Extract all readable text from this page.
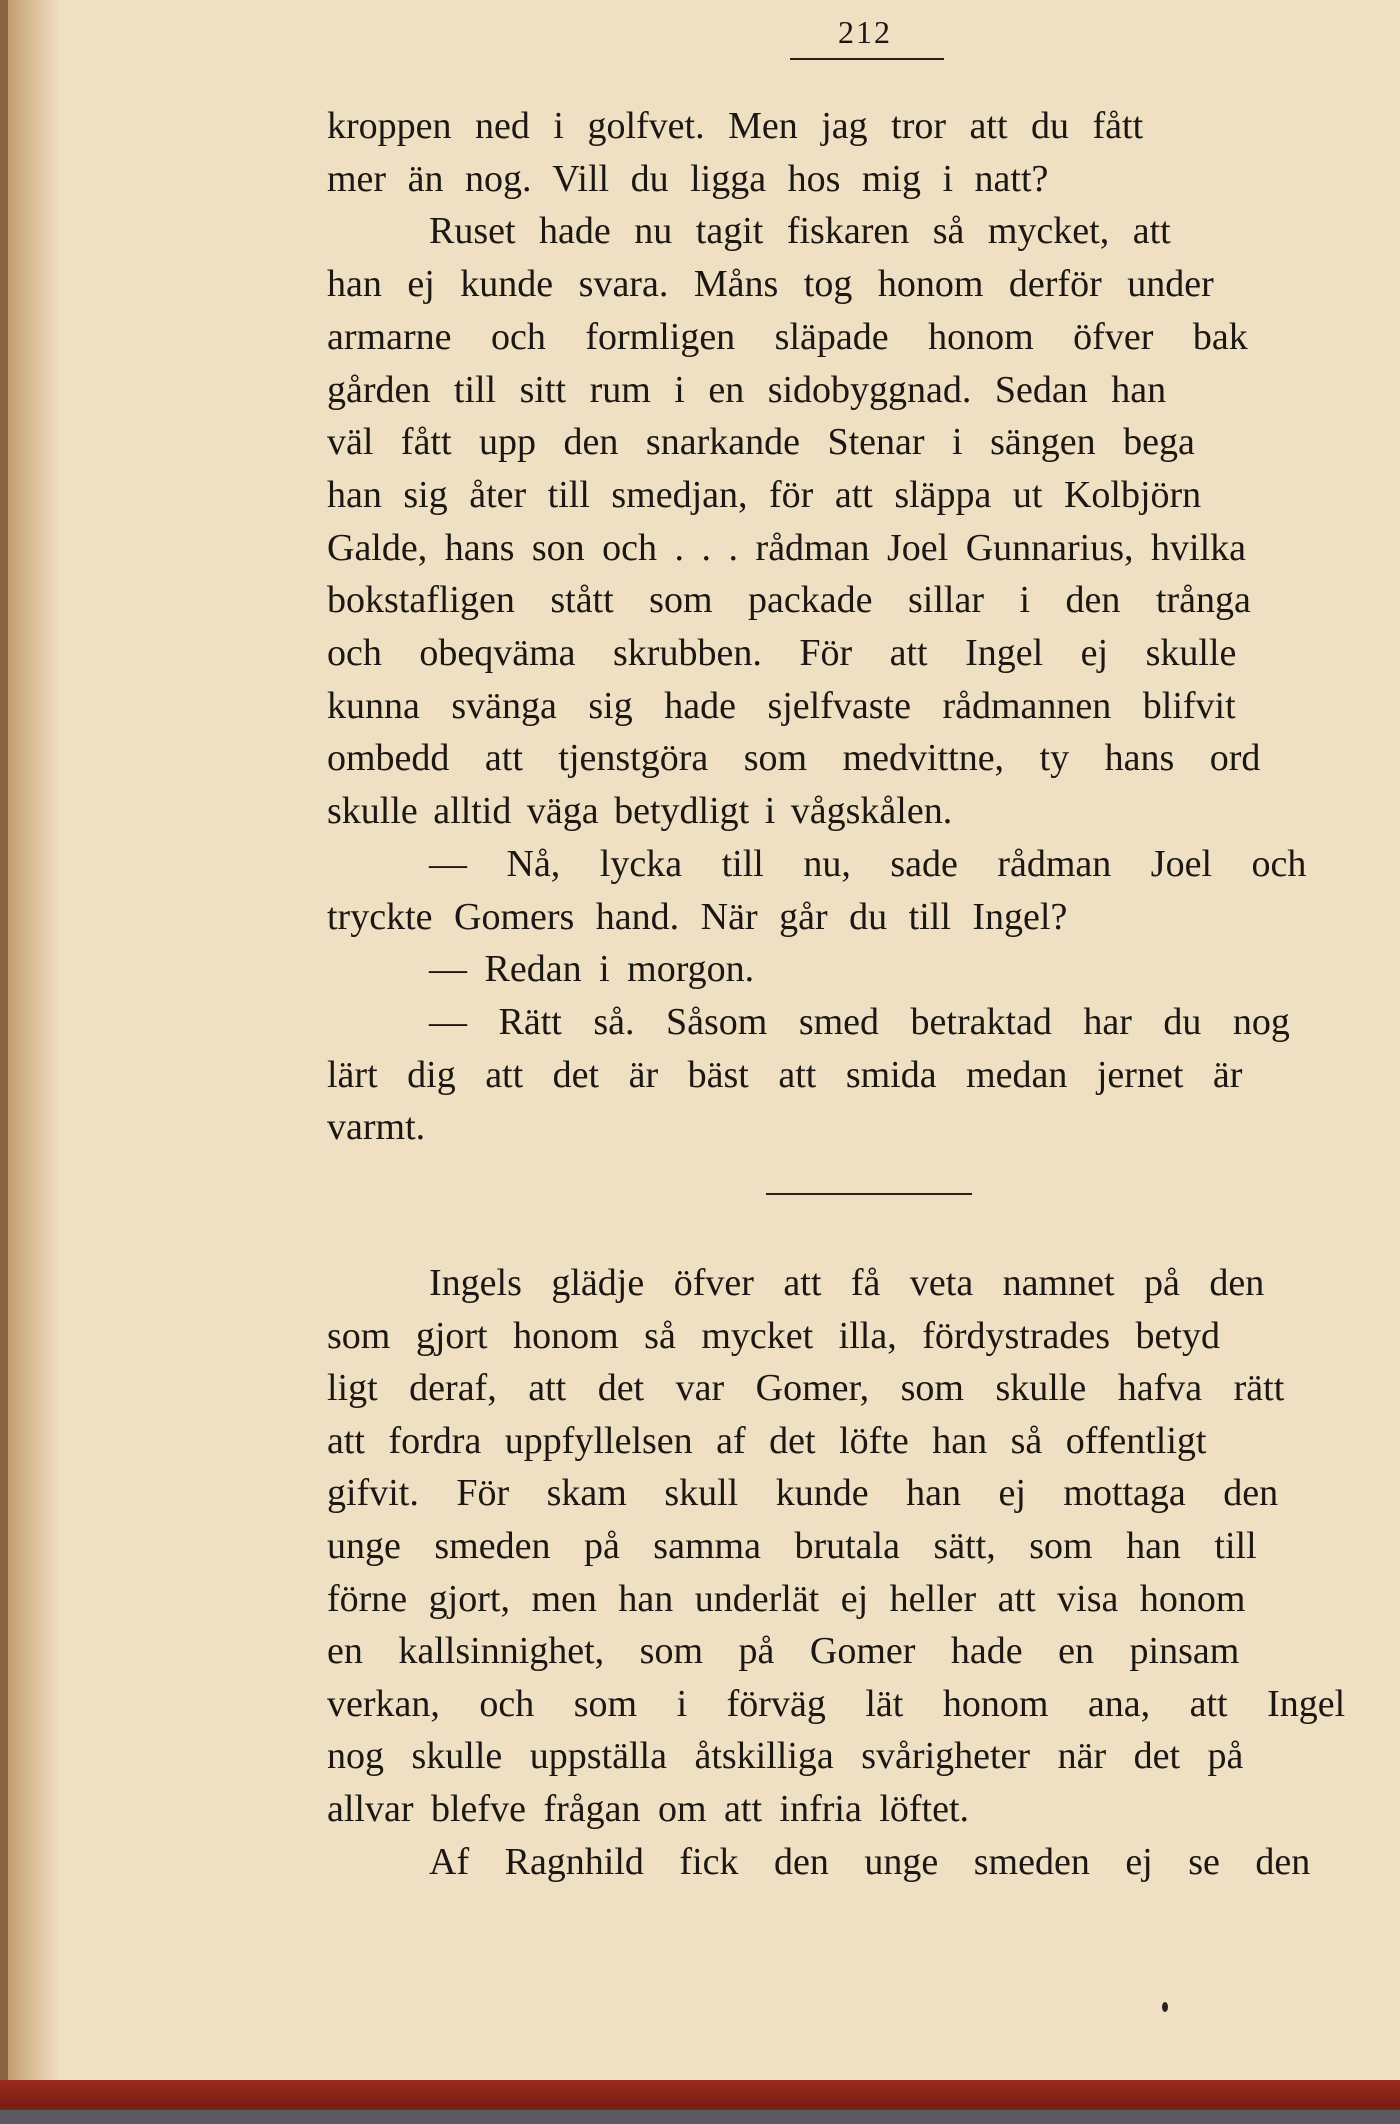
212
kroppen ned i golfvet. Men jag tror att du fått
mer än nog. Vill du ligga hos mig i natt?
Ruset hade nu tagit fiskaren så mycket, att
han ej kunde svara. Måns tog honom derför under
armarne och formligen släpade honom öfver bak
gården till sitt rum i en sidobyggnad. Sedan han
väl fått upp den snarkande Stenar i sängen bega
han sig åter till smedjan, för att släppa ut Kolbjörn
Galde, hans son och . . . rådman Joel Gunnarius, hvilka
bokstafligen stått som packade sillar i den trånga
och obeqväma skrubben. För att Ingel ej skulle
kunna svänga sig hade sjelfvaste rådmannen blifvit
ombedd att tjenstgöra som medvittne, ty hans ord
skulle alltid väga betydligt i vågskålen.
— Nå, lycka till nu, sade rådman Joel och
tryckte Gomers hand. När går du till Ingel?
— Redan i morgon.
— Rätt så. Såsom smed betraktad har du nog
lärt dig att det är bäst att smida medan jernet är
varmt.
Ingels glädje öfver att få veta namnet på den
som gjort honom så mycket illa, fördystrades betyd
ligt deraf, att det var Gomer, som skulle hafva rätt
att fordra uppfyllelsen af det löfte han så offentligt
gifvit. För skam skull kunde han ej mottaga den
unge smeden på samma brutala sätt, som han till
förne gjort, men han underlät ej heller att visa honom
en kallsinnighet, som på Gomer hade en pinsam
verkan, och som i förväg lät honom ana, att Ingel
nog skulle uppställa åtskilliga svårigheter när det på
allvar blefve frågan om att infria löftet.
Af Ragnhild fick den unge smeden ej se den
